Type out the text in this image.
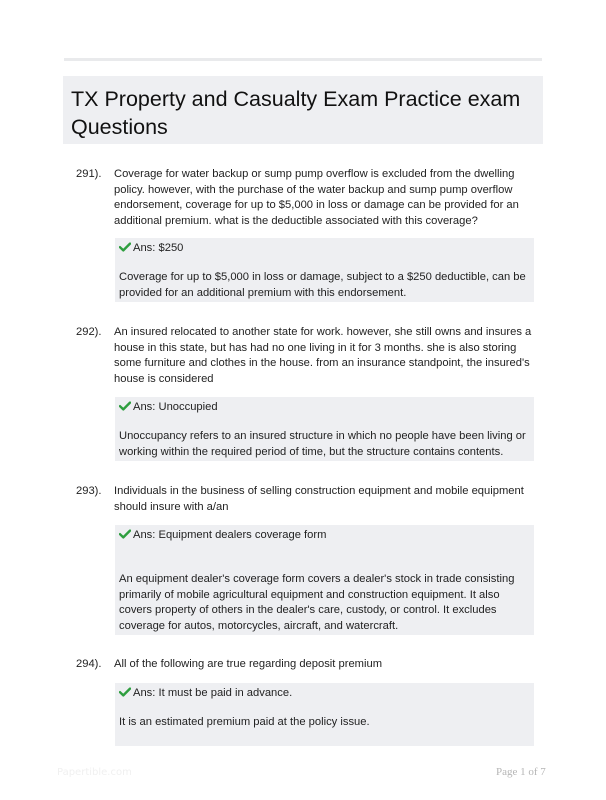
TX Property and Casualty Exam Practice exam Questions
291). Coverage for water backup or sump pump overflow is excluded from the dwelling policy. however, with the purchase of the water backup and sump pump overflow endorsement, coverage for up to $5,000 in loss or damage can be provided for an additional premium. what is the deductible associated with this coverage?
Ans: $250
Coverage for up to $5,000 in loss or damage, subject to a $250 deductible, can be provided for an additional premium with this endorsement.
292). An insured relocated to another state for work. however, she still owns and insures a house in this state, but has had no one living in it for 3 months. she is also storing some furniture and clothes in the house. from an insurance standpoint, the insured's house is considered
Ans: Unoccupied
Unoccupancy refers to an insured structure in which no people have been living or working within the required period of time, but the structure contains contents.
293). Individuals in the business of selling construction equipment and mobile equipment should insure with a/an
Ans: Equipment dealers coverage form
An equipment dealer's coverage form covers a dealer's stock in trade consisting primarily of mobile agricultural equipment and construction equipment. It also covers property of others in the dealer's care, custody, or control. It excludes coverage for autos, motorcycles, aircraft, and watercraft.
294). All of the following are true regarding deposit premium
Ans: It must be paid in advance.
It is an estimated premium paid at the policy issue.
Papertible.com	Page 1 of 7
